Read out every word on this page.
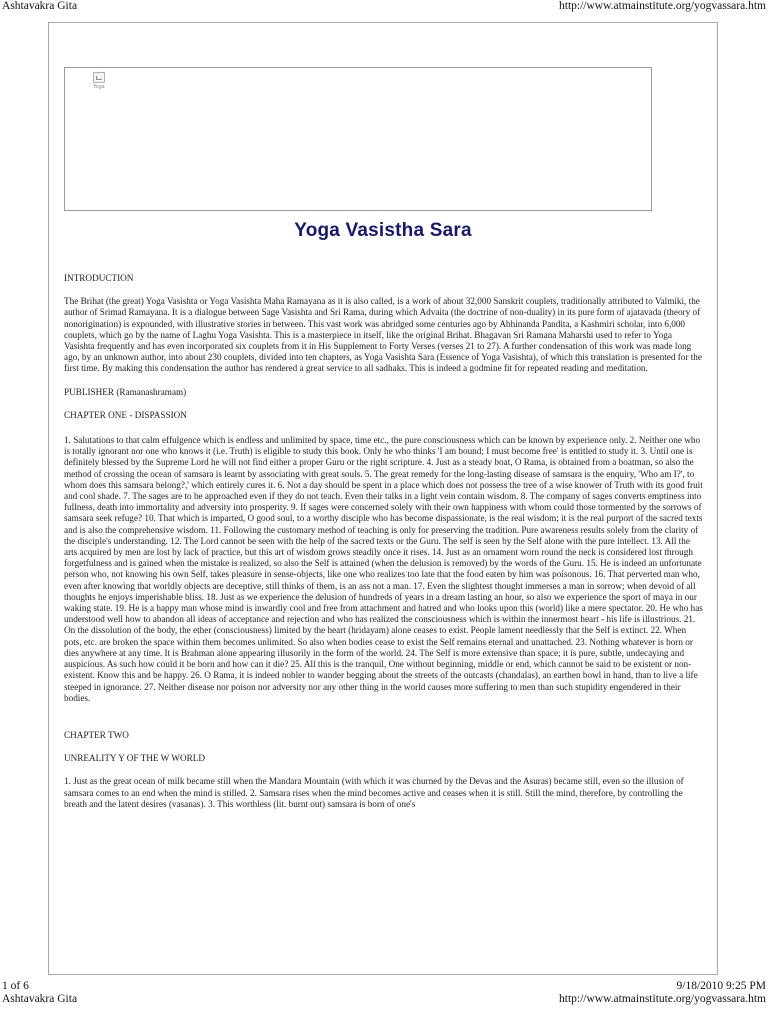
Ashtavakra Gita	http://www.atmainstitute.org/yogvassara.htm
Yoga
Yoga Vasistha Sara

INTRODUCTION

The Brihat (the great) Yoga Vasishta or Yoga Vasishta Maha Ramayana as it is also called, is a work of about 32,000 Sanskrit couplets, traditionally attributed to Valmiki, the author of Srimad Ramayana. It is a dialogue between Sage Vasishta and Sri Rama, during which Advaita (the doctrine of non-duality) in its pure form of ajatavada (theory of nonorigination) is expounded, with illustrative stories in between. This vast work was abridged some centuries ago by Abhinanda Pandita, a Kashmiri scholar, into 6,000 couplets, which go by the name of Laghu Yoga Vasishta. This is a masterpiece in itself, like the original Brihat. Bhagavan Sri Ramana Maharshi used to refer to Yoga Vasishta frequently and has even incorporated six couplets from it in His Supplement to Forty Verses (verses 21 to 27). A further condensation of this work was made long ago, by an unknown author, into about 230 couplets, divided into ten chapters, as Yoga Vasishta Sara (Essence of Yoga Vasishta), of which this translation is presented for the first time. By making this condensation the author has rendered a great service to all sadhaks. This is indeed a godmine fit for repeated reading and meditation.

PUBLISHER (Ramanashramam)

CHAPTER ONE - DISPASSION

1. Salutations to that calm effulgence which is endless and unlimited by space, time etc., the pure consciousness which can be known by experience only. 2. Neither one who is totally ignorant nor one who knows it (i.e. Truth) is eligible to study this book. Only he who thinks 'I am bound; I must become free' is entitled to study it. 3. Until one is definitely blessed by the Supreme Lord he will not find either a proper Guru or the right scripture. 4. Just as a steady boat, O Rama, is obtained from a boatman, so also the method of crossing the ocean of samsara is learnt by associating with great souls. 5. The great remedy for the long-lasting disease of samsara is the enquiry, 'Who am I?', to whom does this samsara belong?,' which entirely cures it. 6. Not a day should be spent in a place which does not possess the tree of a wise knower of Truth with its good fruit and cool shade. 7. The sages are to be approached even if they do not teach. Even their talks in a light vein contain wisdom. 8. The company of sages converts emptiness into fullness, death into immortality and adversity into prosperity. 9. If sages were concerned solely with their own happiness with whom could those tormented by the sorrows of samsara seek refuge? 10. That which is imparted, O good soul, to a worthy disciple who has become dispassionate, is the real wisdom; it is the real purport of the sacred texts and is also the comprehensive wisdom. 11. Following the customary method of teaching is only for preserving the tradition. Pure awareness results solely from the clarity of the disciple's understanding. 12. The Lord cannot be seen with the help of the sacred texts or the Guru. The self is seen by the Self alone with the pure intellect. 13. All the arts acquired by men are lost by lack of practice, but this art of wisdom grows steadily once it rises. 14. Just as an ornament worn round the neck is considered lost through forgetfulness and is gained when the mistake is realized, so also the Self is attained (when the delusion is removed) by the words of the Guru. 15. He is indeed an unfortunate person who, not knowing his own Self, takes pleasure in sense-objects, like one who realizes too late that the food eaten by him was poisonous. 16. That perverted man who, even after knowing that worldly objects are deceptive, still thinks of them, is an ass not a man. 17. Even the slightest thought immerses a man in sorrow; when devoid of all thoughts he enjoys imperishable bliss. 18. Just as we experience the delusion of hundreds of years in a dream lasting an hour, so also we experience the sport of maya in our waking state. 19. He is a happy man whose mind is inwardly cool and free from attachment and hatred and who looks upon this (world) like a mere spectator. 20. He who has understood well how to abandon all ideas of acceptance and rejection and who has realized the consciousness which is within the innermost heart - his life is illustrious. 21. On the dissolution of the body, the ether (consciousness) limited by the heart (hridayam) alone ceases to exist. People lament needlessly that the Self is extinct. 22. When pots, etc. are broken the space within them becomes unlimited. So also when bodies cease to exist the Self remains eternal and unattached. 23. Nothing whatever is born or dies anywhere at any time. It is Brahman alone appearing illusorily in the form of the world. 24. The Self is more extensive than space; it is pure, subtle, undecaying and auspicious. As such how could it be born and how can it die? 25. All this is the tranquil, One without beginning, middle or end, which cannot be said to be existent or non-existent. Know this and be happy. 26. O Rama, it is indeed nobler to wander begging about the streets of the outcasts (chandalas), an earthen bowl in hand, than to live a life steeped in ignorance. 27. Neither disease nor poison nor adversity nor any other thing in the world causes more suffering to men than such stupidity engendered in their bodies.

CHAPTER TWO

UNREALITY Y OF THE W WORLD

1. Just as the great ocean of milk became still when the Mandara Mountain (with which it was churned by the Devas and the Asuras) became still, even so the illusion of samsara comes to an end when the mind is stilled. 2. Samsara rises when the mind becomes active and ceases when it is still. Still the mind, therefore, by controlling the breath and the latent desires (vasanas). 3. This worthless (lit. burnt out) samsara is born of one's

1 of 6
Ashtavakra Gita
9/18/2010 9:25 PM
http://www.atmainstitute.org/yogvassara.htm
